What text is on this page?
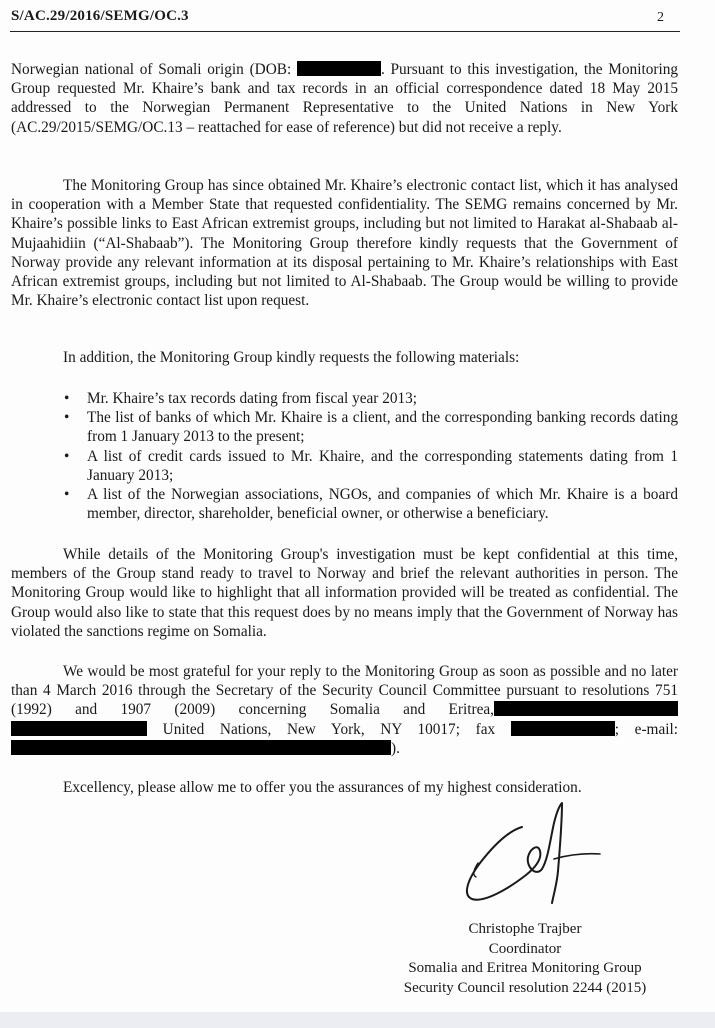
S/AC.29/2016/SEMG/OC.3	2
Norwegian national of Somali origin (DOB:	. Pursuant to this investigation, the Monitoring Group requested Mr. Khaire’s bank and tax records in an official correspondence dated 18 May 2015 addressed to the Norwegian Permanent Representative to the United Nations in New York (AC.29/2015/SEMG/OC.13 – reattached for ease of reference) but did not receive a reply.
The Monitoring Group has since obtained Mr. Khaire’s electronic contact list, which it has analysed in cooperation with a Member State that requested confidentiality. The SEMG remains concerned by Mr. Khaire’s possible links to East African extremist groups, including but not limited to Harakat al-Shabaab al-Mujaahidiin (“Al-Shabaab”). The Monitoring Group therefore kindly requests that the Government of Norway provide any relevant information at its disposal pertaining to Mr. Khaire’s relationships with East African extremist groups, including but not limited to Al-Shabaab. The Group would be willing to provide Mr. Khaire’s electronic contact list upon request.
In addition, the Monitoring Group kindly requests the following materials:
• Mr. Khaire’s tax records dating from fiscal year 2013;
• The list of banks of which Mr. Khaire is a client, and the corresponding banking records dating from 1 January 2013 to the present;
• A list of credit cards issued to Mr. Khaire, and the corresponding statements dating from 1 January 2013;
• A list of the Norwegian associations, NGOs, and companies of which Mr. Khaire is a board member, director, shareholder, beneficial owner, or otherwise a beneficiary.
While details of the Monitoring Group's investigation must be kept confidential at this time, members of the Group stand ready to travel to Norway and brief the relevant authorities in person. The Monitoring Group would like to highlight that all information provided will be treated as confidential. The Group would also like to state that this request does by no means imply that the Government of Norway has violated the sanctions regime on Somalia.
We would be most grateful for your reply to the Monitoring Group as soon as possible and no later than 4 March 2016 through the Secretary of the Security Council Committee pursuant to resolutions 751 (1992) and 1907 (2009) concerning Somalia and Eritrea,  United Nations, New York, NY 10017; fax	; e-mail: ).
Excellency, please allow me to offer you the assurances of my highest consideration.
Christophe Trajber
Coordinator
Somalia and Eritrea Monitoring Group
Security Council resolution 2244 (2015)
